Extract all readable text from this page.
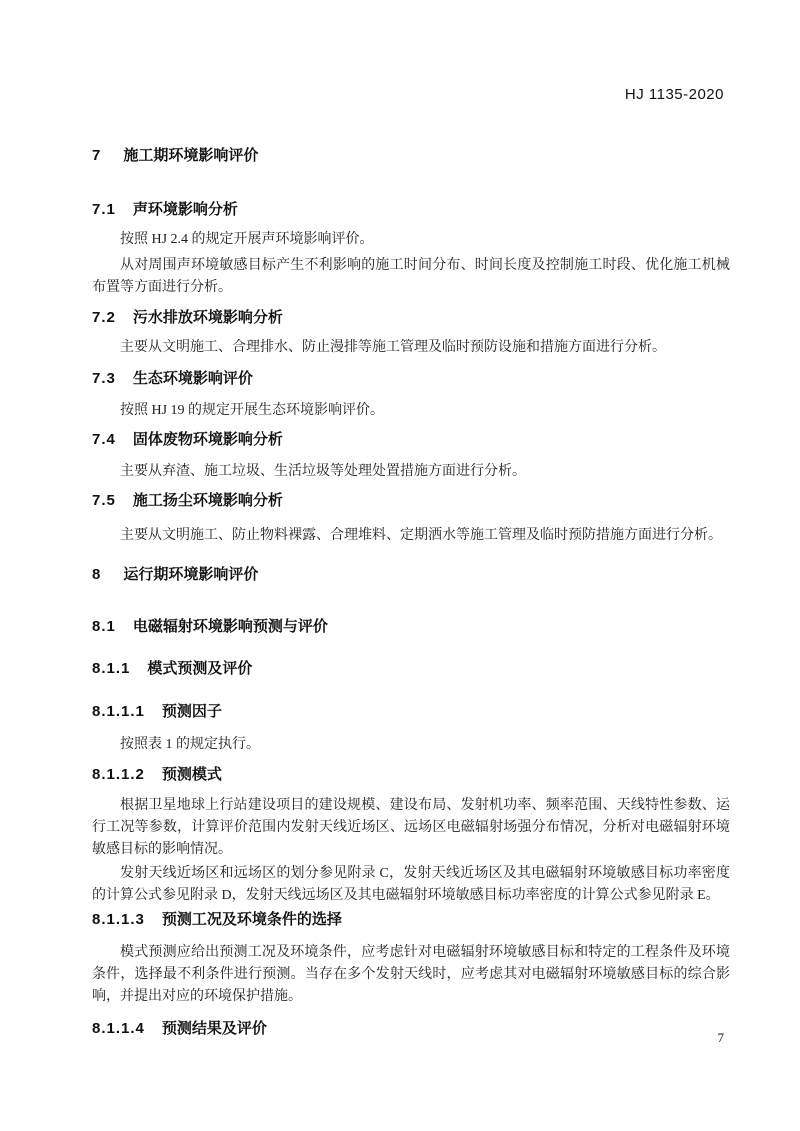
HJ 1135-2020
7 施工期环境影响评价
7.1 声环境影响分析

按照 HJ 2.4 的规定开展声环境影响评价。

从对周围声环境敏感目标产生不利影响的施工时间分布、时间长度及控制施工时段、优化施工机械布置等方面进行分析。

7.2 污水排放环境影响分析

主要从文明施工、合理排水、防止漫排等施工管理及临时预防设施和措施方面进行分析。

7.3 生态环境影响评价

按照 HJ 19 的规定开展生态环境影响评价。

7.4 固体废物环境影响分析

主要从弃渣、施工垃圾、生活垃圾等处理处置措施方面进行分析。

7.5 施工扬尘环境影响分析

主要从文明施工、防止物料裸露、合理堆料、定期洒水等施工管理及临时预防措施方面进行分析。

8 运行期环境影响评价
8.1 电磁辐射环境影响预测与评价
8.1.1 模式预测及评价
8.1.1.1 预测因子

按照表 1 的规定执行。

8.1.1.2 预测模式

根据卫星地球上行站建设项目的建设规模、建设布局、发射机功率、频率范围、天线特性参数、运行工况等参数，计算评价范围内发射天线近场区、远场区电磁辐射场强分布情况，分析对电磁辐射环境敏感目标的影响情况。

发射天线近场区和远场区的划分参见附录 C，发射天线近场区及其电磁辐射环境敏感目标功率密度的计算公式参见附录 D，发射天线远场区及其电磁辐射环境敏感目标功率密度的计算公式参见附录 E。

8.1.1.3 预测工况及环境条件的选择

模式预测应给出预测工况及环境条件，应考虑针对电磁辐射环境敏感目标和特定的工程条件及环境条件，选择最不利条件进行预测。当存在多个发射天线时，应考虑其对电磁辐射环境敏感目标的综合影响，并提出对应的环境保护措施。

8.1.1.4 预测结果及评价
7
